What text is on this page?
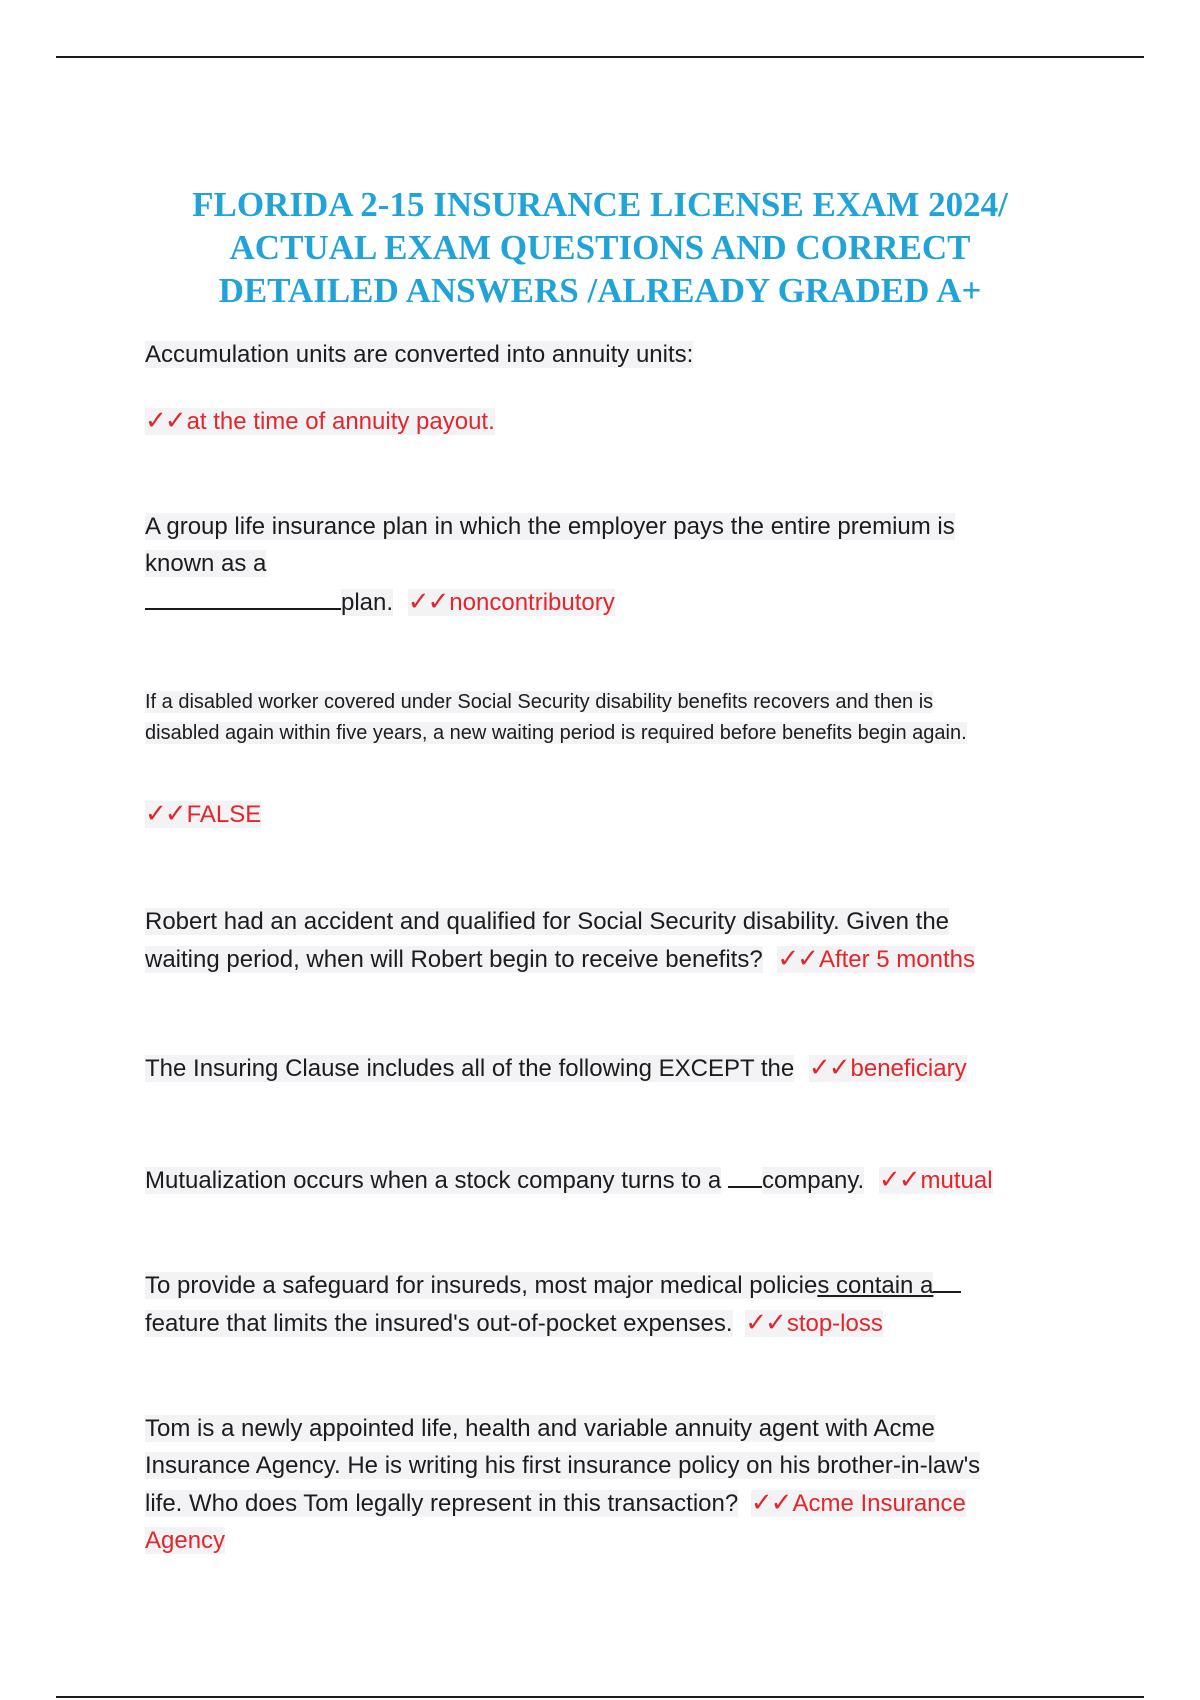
FLORIDA 2-15 INSURANCE LICENSE EXAM 2024/
ACTUAL EXAM QUESTIONS AND CORRECT
DETAILED ANSWERS /ALREADY GRADED A+
Accumulation units are converted into annuity units:
✓✓at the time of annuity payout.
A group life insurance plan in which the employer pays the entire premium is
known as a
plan. ✓✓noncontributory
If a disabled worker covered under Social Security disability benefits recovers and then is
disabled again within five years, a new waiting period is required before benefits begin again.
✓✓FALSE
Robert had an accident and qualified for Social Security disability. Given the
waiting period, when will Robert begin to receive benefits? ✓✓After 5 months
The Insuring Clause includes all of the following EXCEPT the ✓✓beneficiary
Mutualization occurs when a stock company turns to a company. ✓✓mutual
To provide a safeguard for insureds, most major medical policies contain a
feature that limits the insured's out-of-pocket expenses. ✓✓stop-loss
Tom is a newly appointed life, health and variable annuity agent with Acme
Insurance Agency. He is writing his first insurance policy on his brother-in-law's
life. Who does Tom legally represent in this transaction? ✓✓Acme Insurance
Agency
